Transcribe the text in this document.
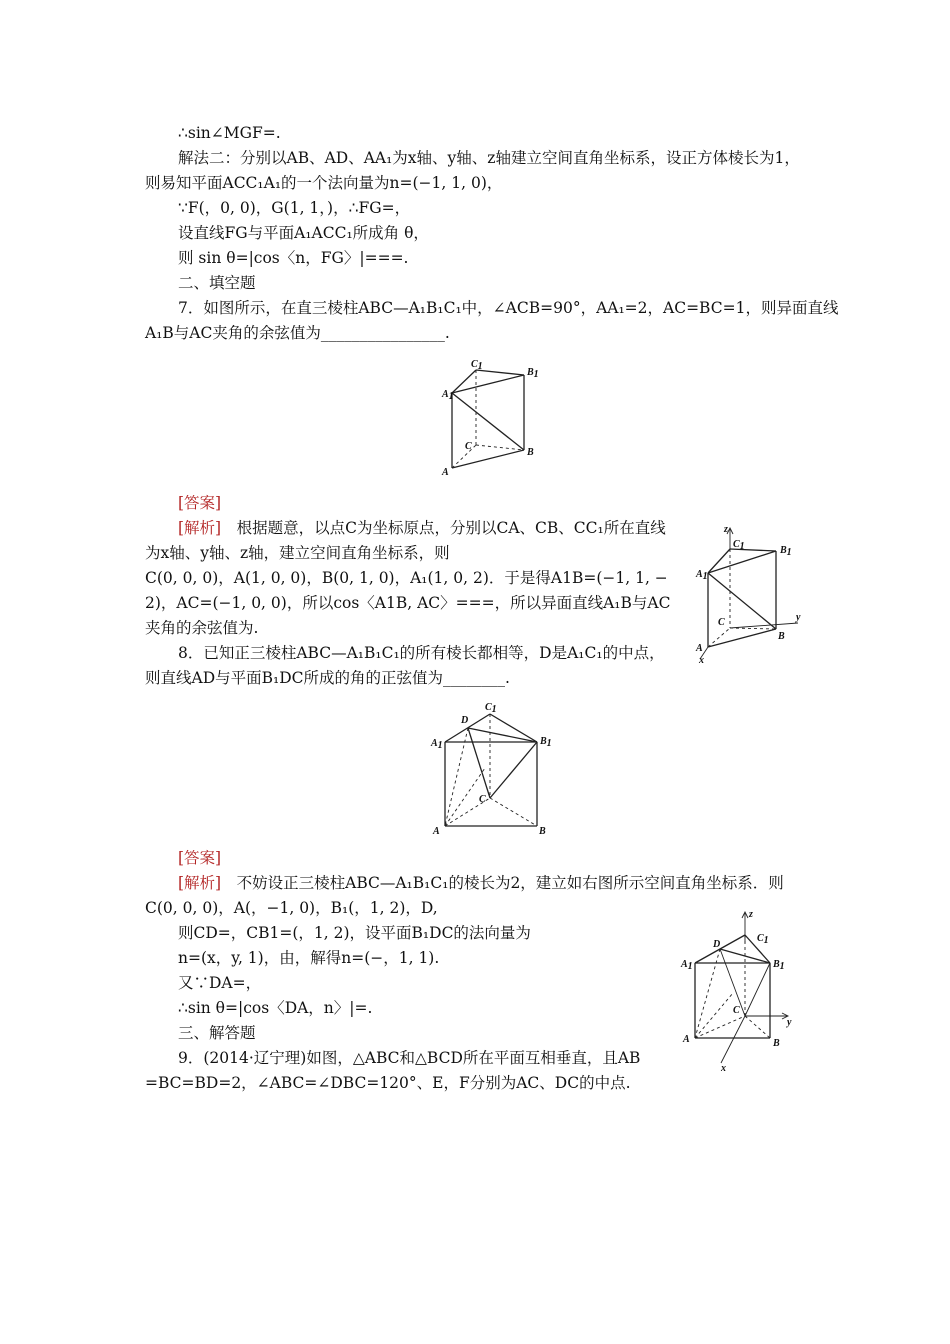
∴sin∠MGF=.
解法二：分别以AB、AD、AA₁为x轴、y轴、z轴建立空间直角坐标系，设正方体棱长为1，
则易知平面ACC₁A₁的一个法向量为n=(−1, 1, 0)，
∵F(，0, 0)，G(1, 1，)，∴FG=，
设直线FG与平面A₁ACC₁所成角 θ，
则 sin θ=|cos〈n，FG〉|===.
二、填空题
7．如图所示，在直三棱柱ABC—A₁B₁C₁中，∠ACB=90°，AA₁=2，AC=BC=1，则异面直线
A₁B与AC夹角的余弦值为________________.
A1
C1
B1
C
B
A
[答案]
[解析]　 根据题意，以点C为坐标原点，分别以CA、CB、CC₁所在直线
为x轴、y轴、z轴，建立空间直角坐标系，则
C(0, 0, 0)，A(1, 0, 0)，B(0, 1, 0)，A₁(1, 0, 2)．于是得A1B=(−1, 1, −
2)，AC=(−1, 0, 0)，所以cos〈A1B, AC〉===，所以异面直线A₁B与AC
夹角的余弦值为.
z
C1	B1
A1
C	y
B
A
x
8．已知正三棱柱ABC—A₁B₁C₁的所有棱长都相等，D是A₁C₁的中点，
则直线AD与平面B₁DC所成的角的正弦值为________.
D
C1
A1	B1
C
A	B
[答案]
[解析]　 不妨设正三棱柱ABC—A₁B₁C₁的棱长为2，建立如右图所示空间直角坐标系．则
C(0, 0, 0)，A(，−1, 0)，B₁(，1, 2)，D,
则CD=，CB1=(，1, 2)，设平面B₁DC的法向量为
n=(x，y, 1)，由，解得n=(−，1, 1).
又∵DA=，
∴sin θ=|cos〈DA，n〉|=.
z
C1
D
A1	B1
C
y
A	B
x
三、解答题
9．(2014·辽宁理)如图，△ABC和△BCD所在平面互相垂直，且AB
=BC=BD=2，∠ABC=∠DBC=120°、E，F分别为AC、DC的中点.
